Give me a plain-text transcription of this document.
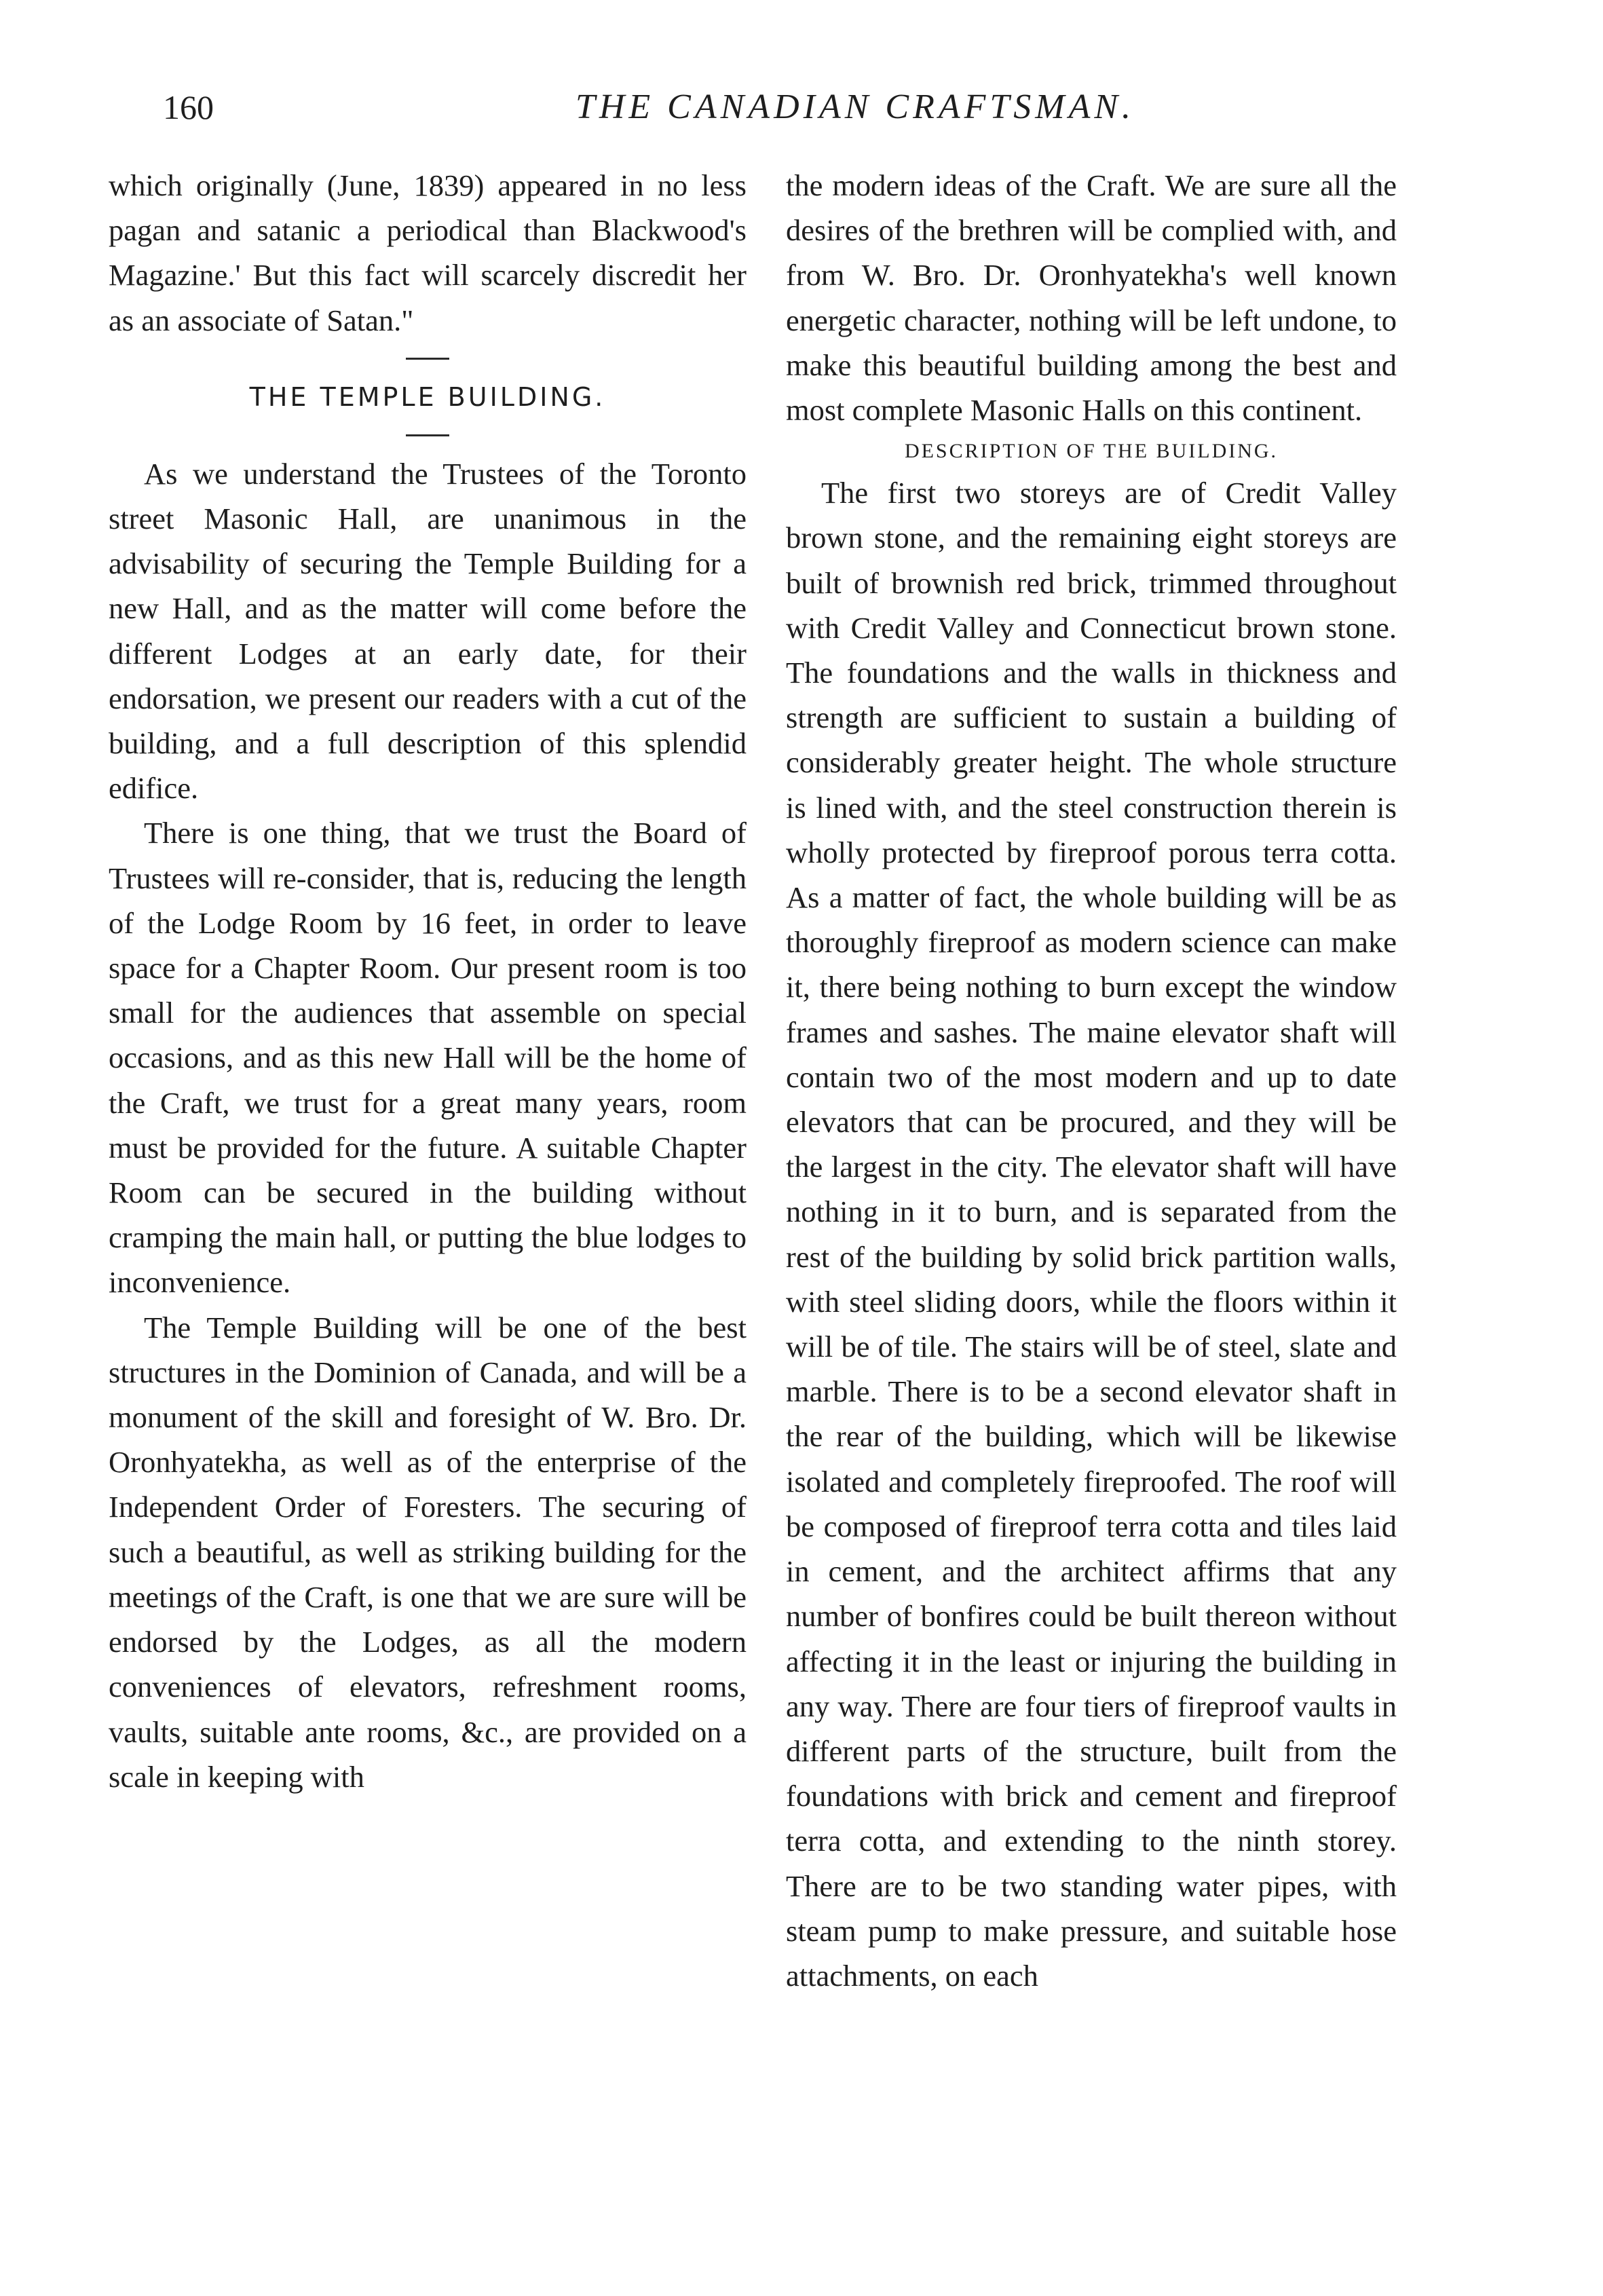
160	THE CANADIAN CRAFTSMAN.

which originally (June, 1839) appeared in no less pagan and satanic a periodical than Blackwood's Magazine.' But this fact will scarcely discredit her as an associate of Satan."

THE TEMPLE BUILDING.

As we understand the Trustees of the Toronto street Masonic Hall, are unanimous in the advisability of securing the Temple Building for a new Hall, and as the matter will come before the different Lodges at an early date, for their endorsation, we present our readers with a cut of the building, and a full description of this splendid edifice.

There is one thing, that we trust the Board of Trustees will re-consider, that is, reducing the length of the Lodge Room by 16 feet, in order to leave space for a Chapter Room. Our present room is too small for the audiences that assemble on special occasions, and as this new Hall will be the home of the Craft, we trust for a great many years, room must be provided for the future. A suitable Chapter Room can be secured in the building without cramping the main hall, or putting the blue lodges to inconvenience.

The Temple Building will be one of the best structures in the Dominion of Canada, and will be a monument of the skill and foresight of W. Bro. Dr. Oronhyatekha, as well as of the enterprise of the Independent Order of Foresters. The securing of such a beautiful, as well as striking building for the meetings of the Craft, is one that we are sure will be endorsed by the Lodges, as all the modern conveniences of elevators, refreshment rooms, vaults, suitable ante rooms, &c., are provided on a scale in keeping with

the modern ideas of the Craft. We are sure all the desires of the brethren will be complied with, and from W. Bro. Dr. Oronhyatekha's well known energetic character, nothing will be left undone, to make this beautiful building among the best and most complete Masonic Halls on this continent.

DESCRIPTION OF THE BUILDING.

The first two storeys are of Credit Valley brown stone, and the remaining eight storeys are built of brownish red brick, trimmed throughout with Credit Valley and Connecticut brown stone. The foundations and the walls in thickness and strength are sufficient to sustain a building of considerably greater height. The whole structure is lined with, and the steel construction therein is wholly protected by fireproof porous terra cotta. As a matter of fact, the whole building will be as thoroughly fireproof as modern science can make it, there being nothing to burn except the window frames and sashes. The maine elevator shaft will contain two of the most modern and up to date elevators that can be procured, and they will be the largest in the city. The elevator shaft will have nothing in it to burn, and is separated from the rest of the building by solid brick partition walls, with steel sliding doors, while the floors within it will be of tile. The stairs will be of steel, slate and marble. There is to be a second elevator shaft in the rear of the building, which will be likewise isolated and completely fireproofed. The roof will be composed of fireproof terra cotta and tiles laid in cement, and the architect affirms that any number of bonfires could be built thereon without affecting it in the least or injuring the building in any way. There are four tiers of fireproof vaults in different parts of the structure, built from the foundations with brick and cement and fireproof terra cotta, and extending to the ninth storey. There are to be two standing water pipes, with steam pump to make pressure, and suitable hose attachments, on each
